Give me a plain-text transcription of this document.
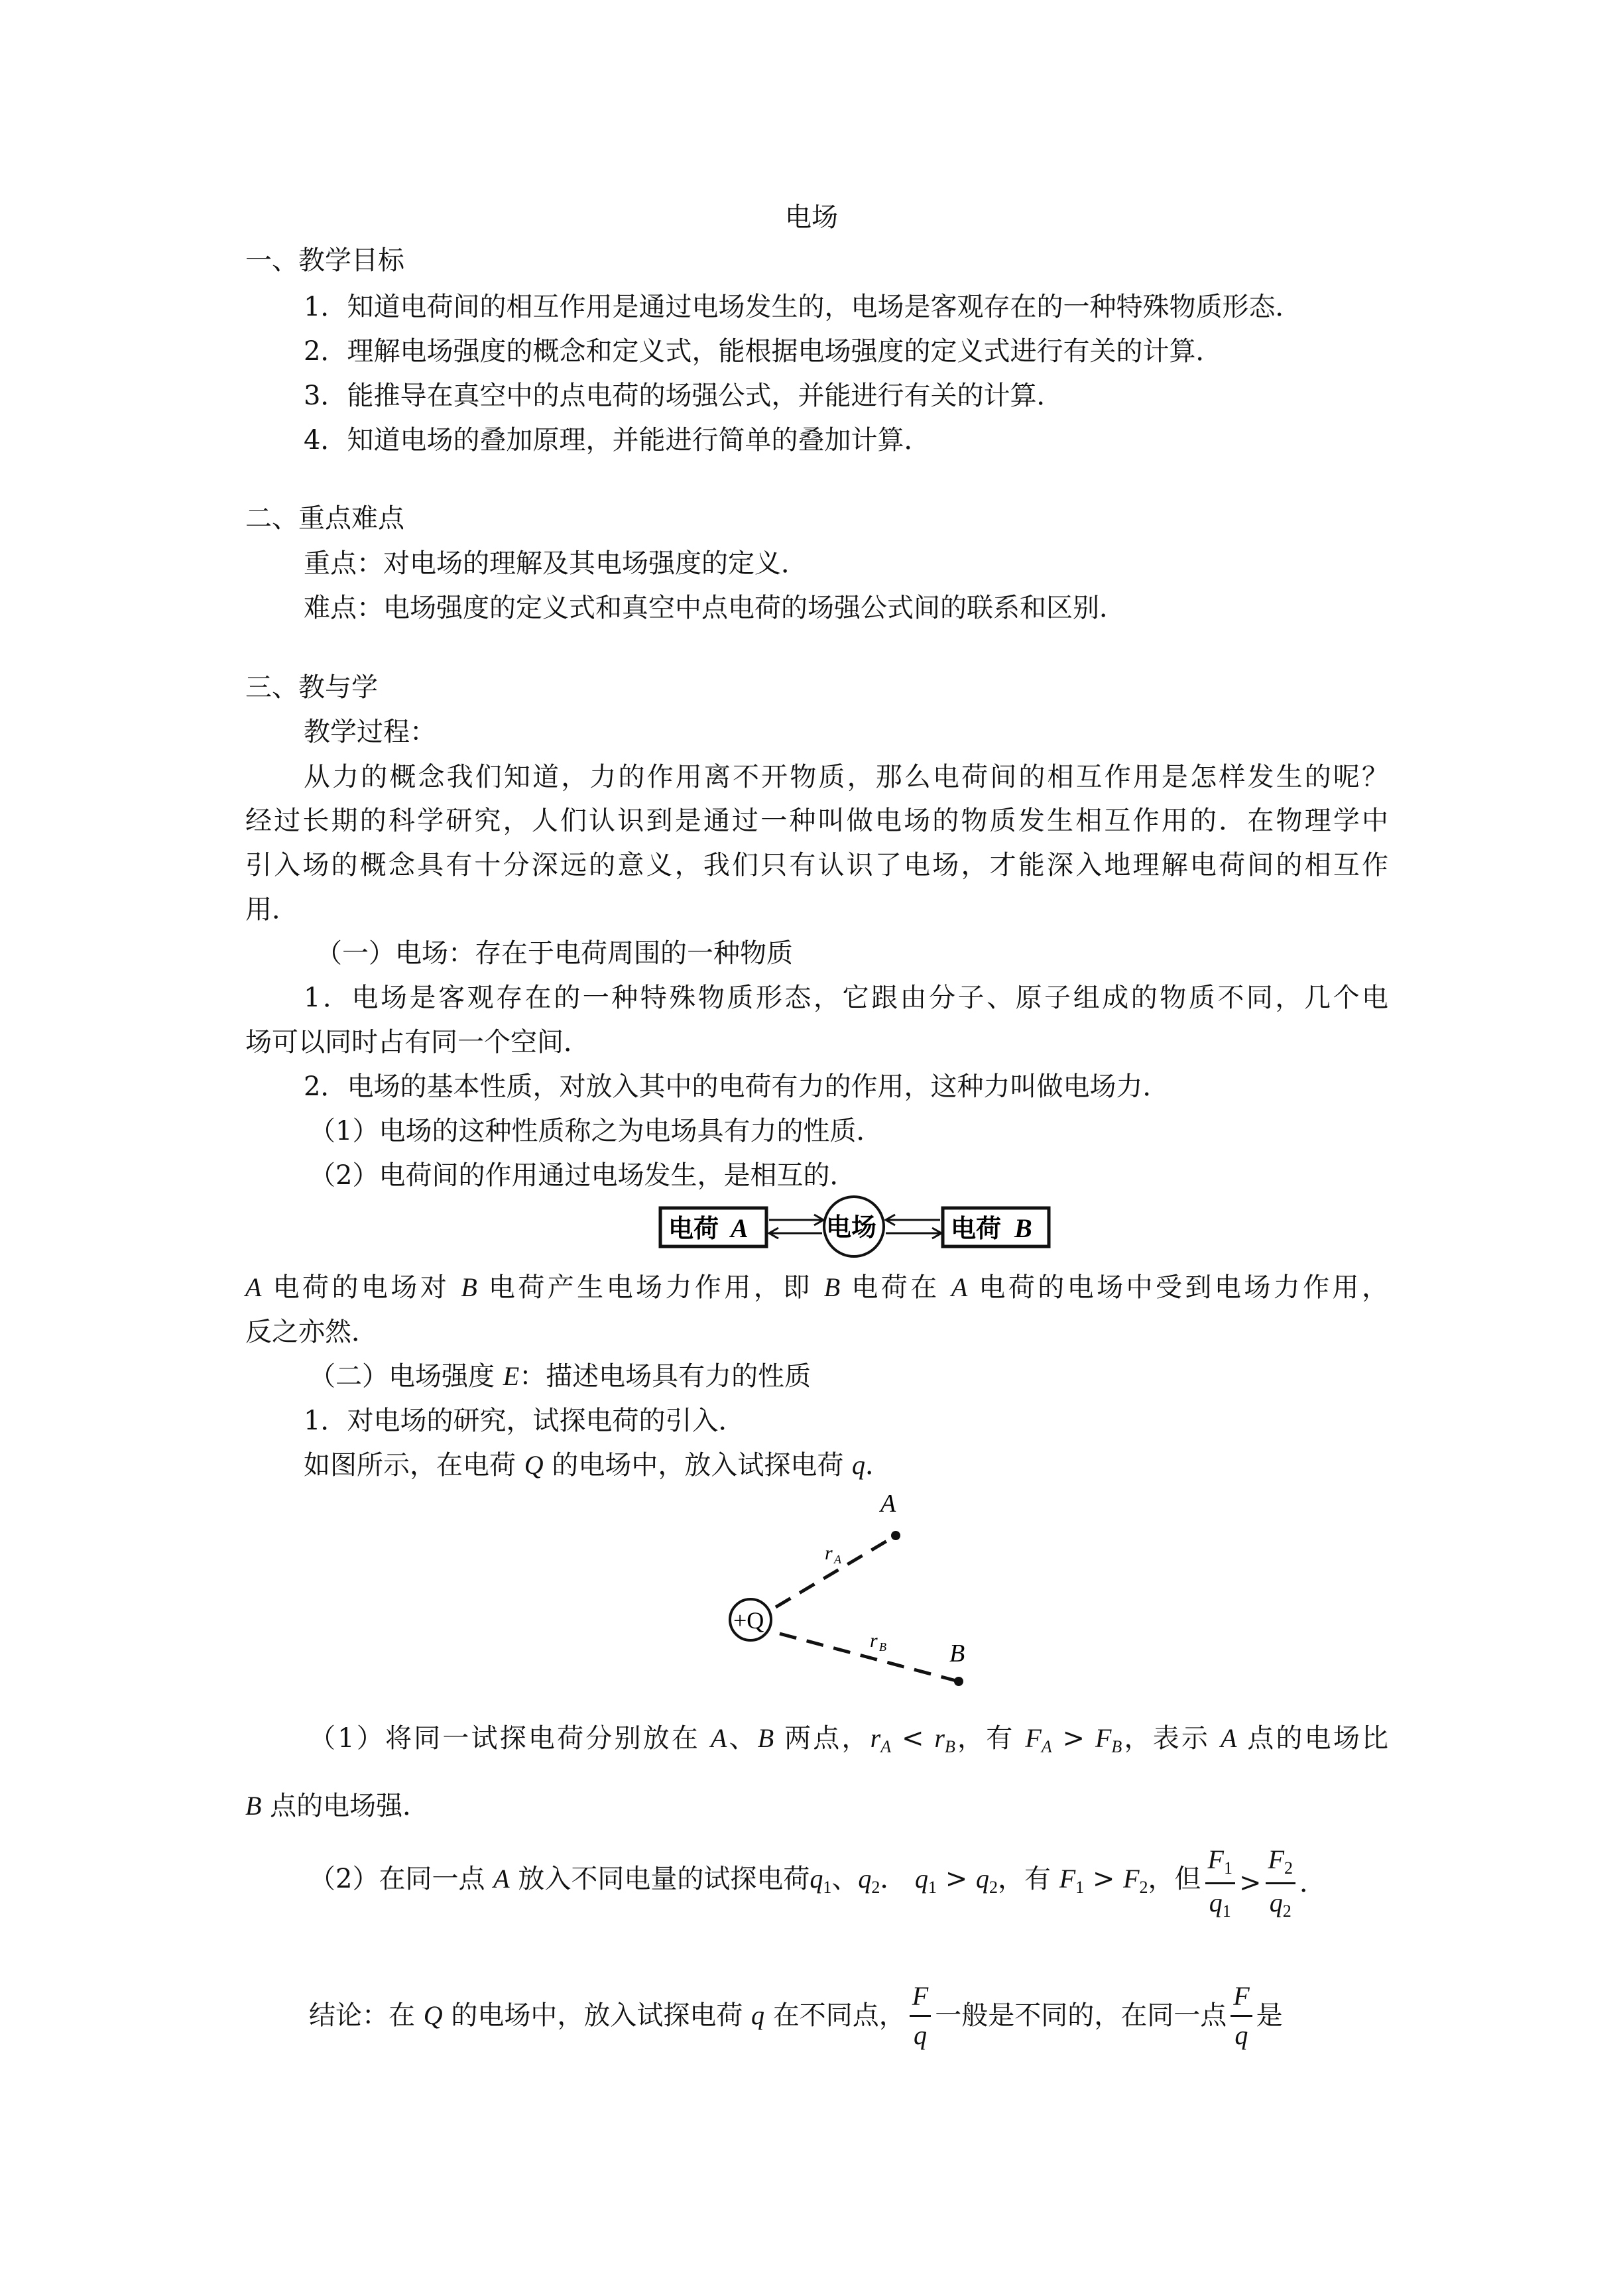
电场
一、教学目标
1．知道电荷间的相互作用是通过电场发生的，电场是客观存在的一种特殊物质形态．
2．理解电场强度的概念和定义式，能根据电场强度的定义式进行有关的计算．
3．能推导在真空中的点电荷的场强公式，并能进行有关的计算．
4．知道电场的叠加原理，并能进行简单的叠加计算．
二、重点难点
重点：对电场的理解及其电场强度的定义．
难点：电场强度的定义式和真空中点电荷的场强公式间的联系和区别．
三、教与学
教学过程：
从力的概念我们知道，力的作用离不开物质，那么电荷间的相互作用是怎样发生的呢？
经过长期的科学研究，人们认识到是通过一种叫做电场的物质发生相互作用的．在物理学中
引入场的概念具有十分深远的意义，我们只有认识了电场，才能深入地理解电荷间的相互作
用．
（一）电场：存在于电荷周围的一种物质
1．电场是客观存在的一种特殊物质形态，它跟由分子、原子组成的物质不同，几个电
场可以同时占有同一个空间．
2．电场的基本性质，对放入其中的电荷有力的作用，这种力叫做电场力．
（1）电场的这种性质称之为电场具有力的性质．
（2）电荷间的作用通过电场发生，是相互的．
电荷 A	电场	电荷 B
A 电荷的电场对 B 电荷产生电场力作用，即 B 电荷在 A 电荷的电场中受到电场力作用，
反之亦然．
（二）电场强度 E：描述电场具有力的性质
1．对电场的研究，试探电荷的引入．
如图所示，在电荷 Q 的电场中，放入试探电荷 q．
+Q
A
r A
B
r B
（1）将同一试探电荷分别放在 A、B 两点，$r_A < r_B$，有 $F_A > F_B$，表示 A 点的电场比
B 点的电场强．
（2）在同一点 A 放入不同电量的试探电荷$q_1$、$q_2$． $q_1 > q_2$，有 $F_1 > F_2$，但 $\frac{F_1}{q_1} > \frac{F_2}{q_2}$ ．
结论：在 Q 的电场中，放入试探电荷 q 在不同点， $\frac{F}{q}$ 一般是不同的，在同一点 $\frac{F}{q}$ 是
